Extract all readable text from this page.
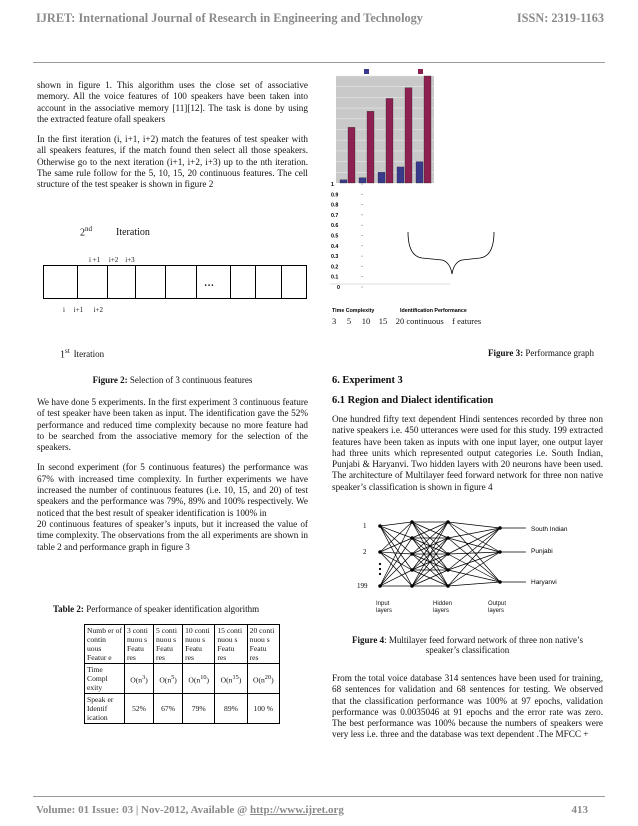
IJRET: International Journal of Research in Engineering and Technology	ISSN: 2319-1163

shown in figure 1. This algorithm uses the close set of associative memory. All the voice features of 100 speakers have been taken into account in the associative memory [11][12]. The task is done by using the extracted feature ofall speakers

In the first iteration (i, i+1, i+2) match the features of test speaker with all speakers features, if the match found then select all those speakers. Otherwise go to the next iteration (i+1, i+2, i+3) up to the nth iteration. The same rule follow for the 5, 10, 15, 20 continuous features. The cell structure of the test speaker is shown in figure 2

2nd Iteration
i +1     i+2    i+3
…
i     i+1      i+2
1st Iteration
Figure 2: Selection of 3 continuous features

We have done 5 experiments. In the first experiment 3 continuous feature of test speaker have been taken as input. The identification gave the 52% performance and reduced time complexity because no more feature had to be searched from the associative memory for the selection of the speakers.

In second experiment (for 5 continuous features) the performance was 67% with increased time complexity. In further experiments we have increased the number of continuous features (i.e. 10, 15, and 20) of test speakers and the performance was 79%, 89% and 100% respectively. We noticed that the best result of speaker identification is 100% in

20 continuous features of speaker’s inputs, but it increased the value of time complexity. The observations from the all experiments are shown in table 2 and performance graph in figure 3

Table 2: Performance of speaker identification algorithm
Numb er of contin uous Featur e	3 conti nuou s Featu res	5 conti nuou s Featu res	10 conti nuou s Featu res	15 conti nuou s Featu res	20 conti nuou s Featu res
Time Compl exity	$O(n^3)$	$O(n^5)$	$O(n^{10})$	$O(n^{15})$	$O(n^{20})$
Speak er Identif ication	52%	67%	79%	89%	100 %
1
0.9
0.8
0.7
0.6
0.5
0.4
0.3
0.2
0.1
0
Time Complexity	Identification Performance
3     5     10    15    20 continuous    f eatures
Figure 3: Performance graph
6. Experiment 3
6.1 Region and Dialect identification

One hundred fifty text dependent Hindi sentences recorded by three non native speakers i.e. 450 utterances were used for this study. 199 extracted features have been taken as inputs with one input layer, one output layer had three units which represented output categories i.e. South Indian, Punjabi & Haryanvi. Two hidden layers with 20 neurons have been used. The architecture of Multilayer feed forward network for three non native speaker’s classification is shown in figure 4

1
2
199
South Indian
Punjabi
Haryanvi
Input layers
Hidden layers
Output layers
Figure 4: Multilayer feed forward network of three non native’s speaker’s classification

From the total voice database 314 sentences have been used for training, 68 sentences for validation and 68 sentences for testing. We observed that the classification performance was 100% at 97 epochs, validation performance was 0.0035046 at 91 epochs and the error rate was zero. The best performance was 100% because the numbers of speakers were very less i.e. three and the database was text dependent .The MFCC +

Volume: 01 Issue: 03 | Nov-2012, Available @ http://www.ijret.org	413
